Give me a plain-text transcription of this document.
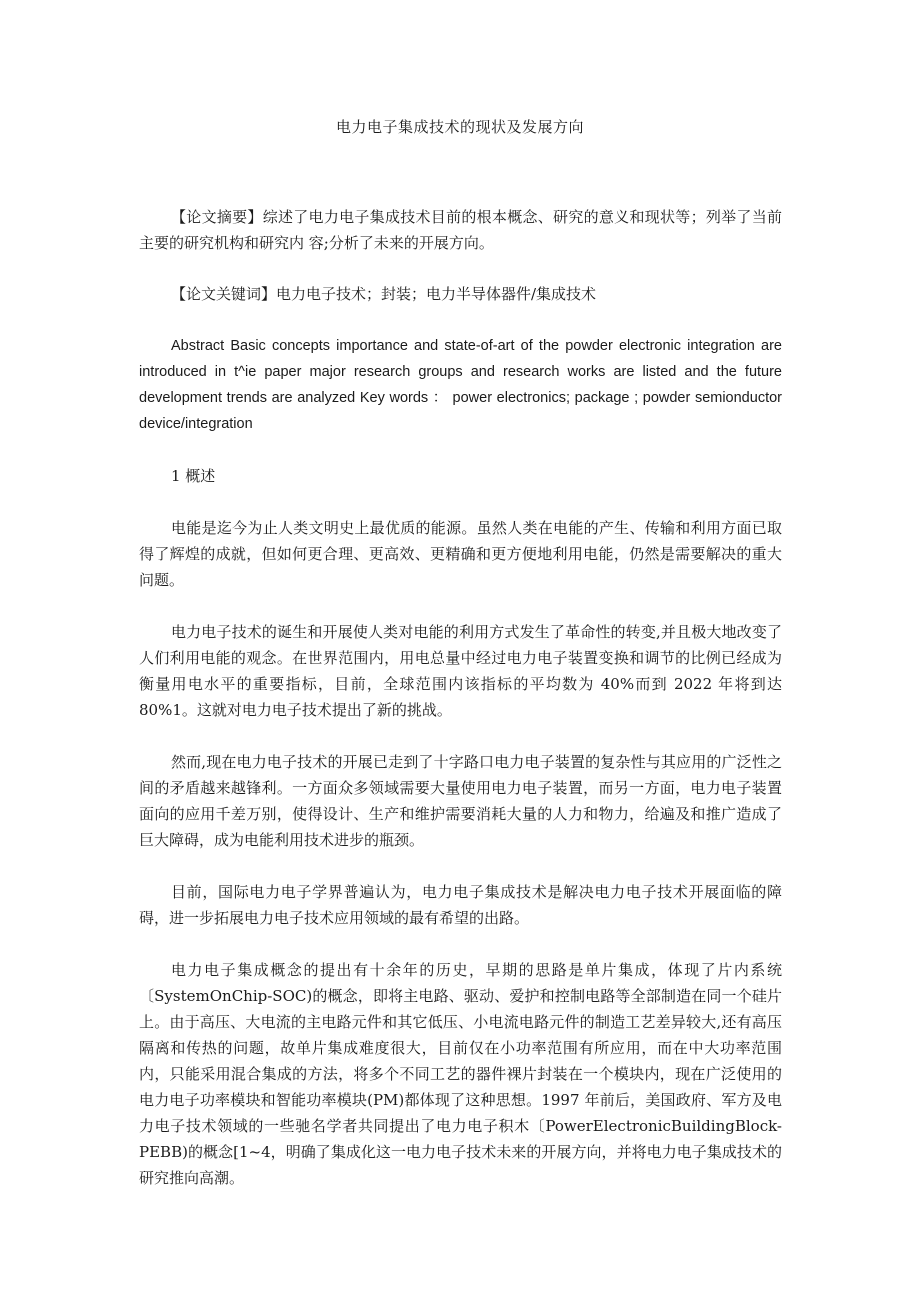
电力电子集成技术的现状及发展方向
【论文摘要】综述了电力电子集成技术目前的根本概念、研究的意义和现状等；列举了当前主要的研究机构和研究内 容;分析了未来的开展方向。
【论文关键词】电力电子技术；封装；电力半导体器件/集成技术
Abstract Basic concepts importance and state-of-art of the powder electronic integration are introduced in t^ie paper major research groups and research works are listed and the future development trends are analyzed Key words ： power electronics; package ; powder semionductor device/integration
1 概述
电能是迄今为止人类文明史上最优质的能源。虽然人类在电能的产生、传输和利用方面已取得了辉煌的成就，但如何更合理、更高效、更精确和更方便地利用电能，仍然是需要解决的重大问题。
电力电子技术的诞生和开展使人类对电能的利用方式发生了革命性的转变,并且极大地改变了人们利用电能的观念。在世界范围内，用电总量中经过电力电子装置变换和调节的比例已经成为衡量用电水平的重要指标，目前，全球范围内该指标的平均数为 40%而到 2022 年将到达 80%1。这就对电力电子技术提出了新的挑战。
然而,现在电力电子技术的开展已走到了十字路口电力电子装置的复杂性与其应用的广泛性之间的矛盾越来越锋利。一方面众多领域需要大量使用电力电子装置，而另一方面，电力电子装置面向的应用千差万别，使得设计、生产和维护需要消耗大量的人力和物力，给遍及和推广造成了巨大障碍，成为电能利用技术进步的瓶颈。
目前，国际电力电子学界普遍认为，电力电子集成技术是解决电力电子技术开展面临的障碍，进一步拓展电力电子技术应用领域的最有希望的出路。
电力电子集成概念的提出有十余年的历史，早期的思路是单片集成，体现了片内系统〔SystemOnChip-SOC)的概念，即将主电路、驱动、爱护和控制电路等全部制造在同一个硅片上。由于高压、大电流的主电路元件和其它低压、小电流电路元件的制造工艺差异较大,还有高压隔离和传热的问题，故单片集成难度很大，目前仅在小功率范围有所应用，而在中大功率范围内，只能采用混合集成的方法，将多个不同工艺的器件裸片封装在一个模块内，现在广泛使用的电力电子功率模块和智能功率模块(PM)都体现了这种思想。1997 年前后，美国政府、军方及电力电子技术领域的一些驰名学者共同提出了电力电子积木〔PowerElectronicBuildingBlock-PEBB)的概念[1~4，明确了集成化这一电力电子技术未来的开展方向，并将电力电子集成技术的研究推向高潮。
